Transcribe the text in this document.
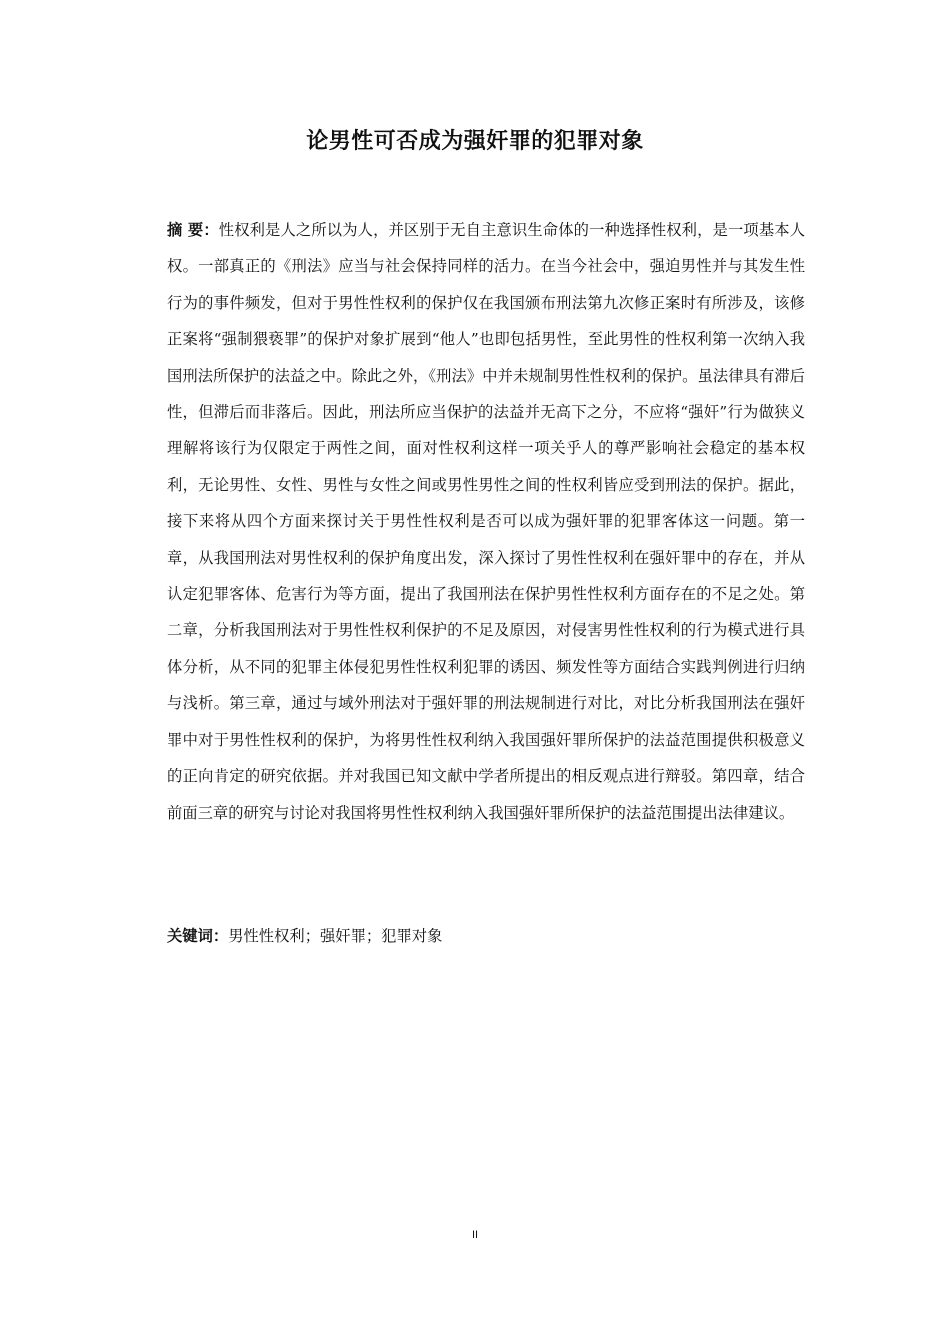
论男性可否成为强奸罪的犯罪对象
摘 要：性权利是人之所以为人，并区别于无自主意识生命体的一种选择性权利，是一项基本人权。一部真正的《刑法》应当与社会保持同样的活力。在当今社会中，强迫男性并与其发生性行为的事件频发，但对于男性性权利的保护仅在我国颁布刑法第九次修正案时有所涉及，该修正案将“强制猥亵罪”的保护对象扩展到“他人”也即包括男性，至此男性的性权利第一次纳入我国刑法所保护的法益之中。除此之外，《刑法》中并未规制男性性权利的保护。虽法律具有滞后性，但滞后而非落后。因此，刑法所应当保护的法益并无高下之分，不应将“强奸”行为做狭义理解将该行为仅限定于两性之间，面对性权利这样一项关乎人的尊严影响社会稳定的基本权利，无论男性、女性、男性与女性之间或男性男性之间的性权利皆应受到刑法的保护。据此，接下来将从四个方面来探讨关于男性性权利是否可以成为强奸罪的犯罪客体这一问题。第一章，从我国刑法对男性权利的保护角度出发，深入探讨了男性性权利在强奸罪中的存在，并从认定犯罪客体、危害行为等方面，提出了我国刑法在保护男性性权利方面存在的不足之处。第二章，分析我国刑法对于男性性权利保护的不足及原因，对侵害男性性权利的行为模式进行具体分析，从不同的犯罪主体侵犯男性性权利犯罪的诱因、频发性等方面结合实践判例进行归纳与浅析。第三章，通过与域外刑法对于强奸罪的刑法规制进行对比，对比分析我国刑法在强奸罪中对于男性性权利的保护，为将男性性权利纳入我国强奸罪所保护的法益范围提供积极意义的正向肯定的研究依据。并对我国已知文献中学者所提出的相反观点进行辩驳。第四章，结合前面三章的研究与讨论对我国将男性性权利纳入我国强奸罪所保护的法益范围提出法律建议。
关键词：男性性权利；强奸罪；犯罪对象
II
